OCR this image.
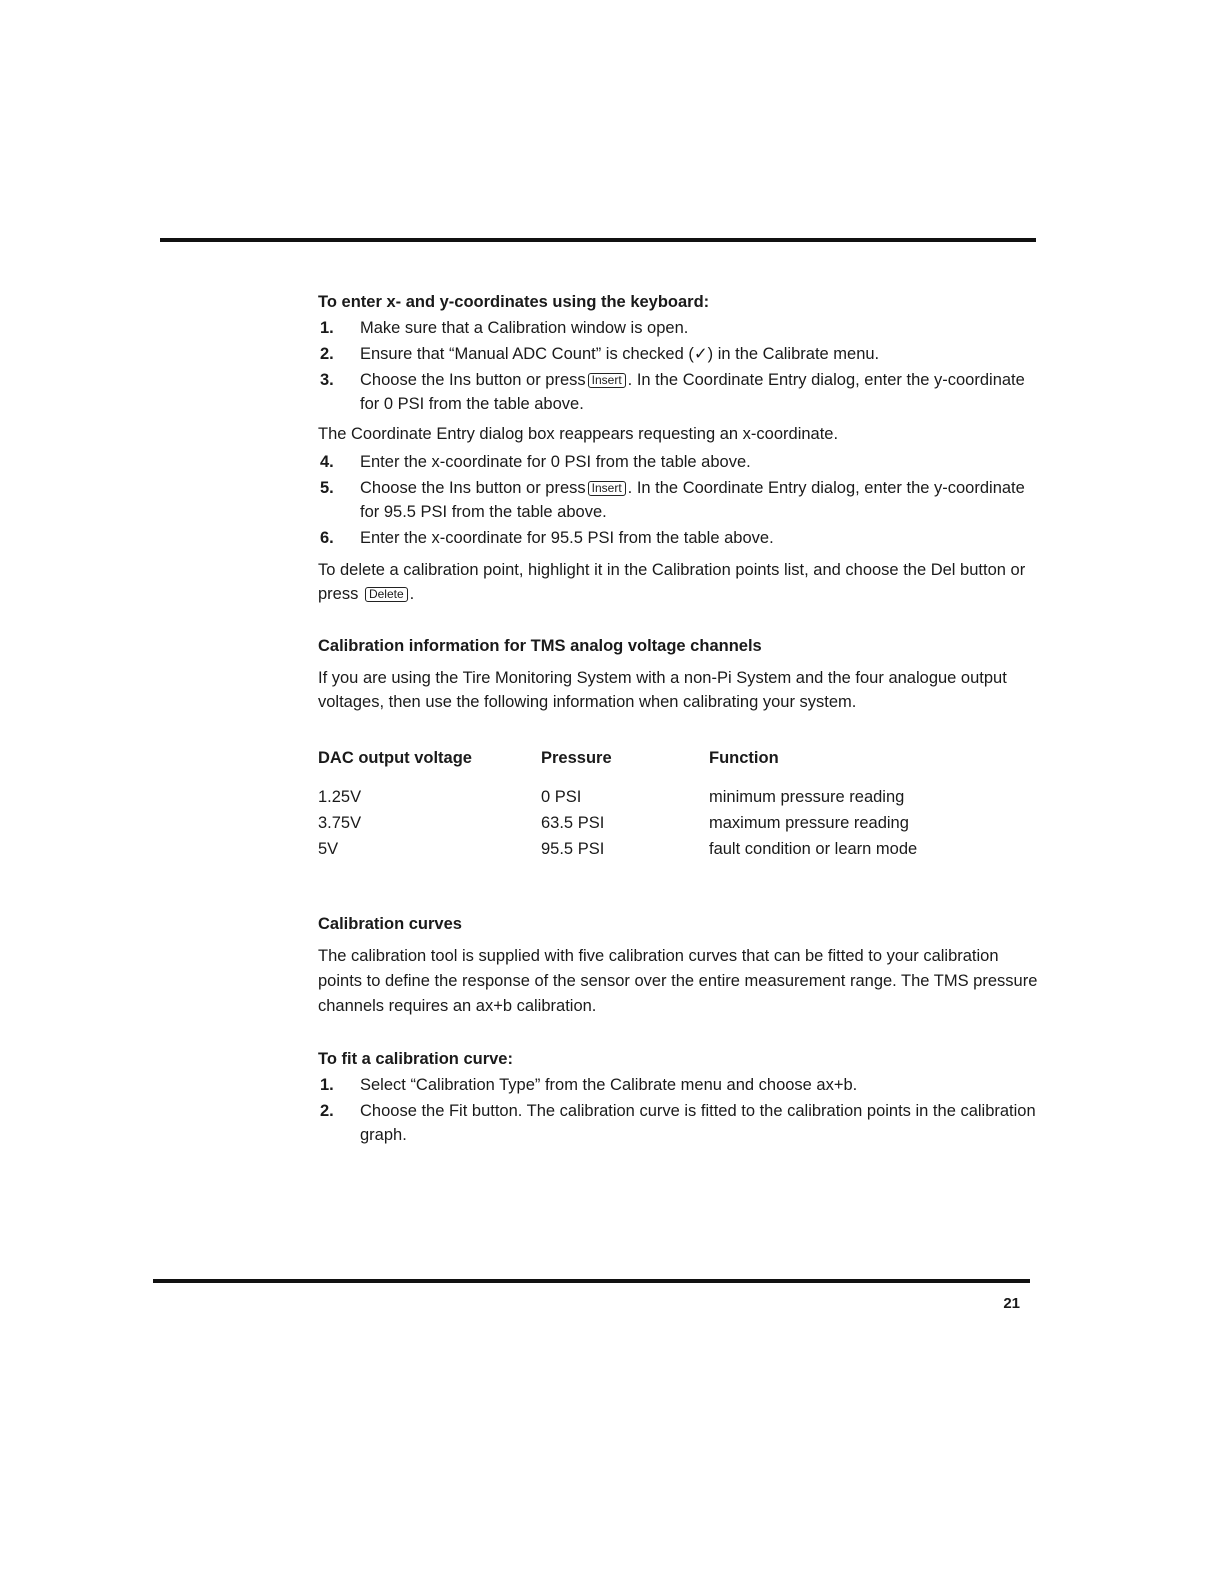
To enter x- and y-coordinates using the keyboard:

1. Make sure that a Calibration window is open.
2. Ensure that “Manual ADC Count” is checked (✓) in the Calibrate menu.
3. Choose the Ins button or press Insert . In the Coordinate Entry dialog, enter the y-coordinate for 0 PSI from the table above.

The Coordinate Entry dialog box reappears requesting an x-coordinate.

4. Enter the x-coordinate for 0 PSI from the table above.
5. Choose the Ins button or press Insert . In the Coordinate Entry dialog, enter the y-coordinate for 95.5 PSI from the table above.
6. Enter the x-coordinate for 95.5 PSI from the table above.

To delete a calibration point, highlight it in the Calibration points list, and choose the Del button or press Delete .

Calibration information for TMS analog voltage channels

If you are using the Tire Monitoring System with a non-Pi System and the four analogue output voltages, then use the following information when calibrating your system.

DAC output voltage	Pressure	Function
1.25V	0 PSI	minimum pressure reading
3.75V	63.5 PSI	maximum pressure reading
5V	95.5 PSI	fault condition or learn mode

Calibration curves

The calibration tool is supplied with five calibration curves that can be fitted to your calibration points to define the response of the sensor over the entire measurement range. The TMS pressure channels requires an ax+b calibration.

To fit a calibration curve:

1. Select “Calibration Type” from the Calibrate menu and choose ax+b.
2. Choose the Fit button. The calibration curve is fitted to the calibration points in the calibration graph.
21
